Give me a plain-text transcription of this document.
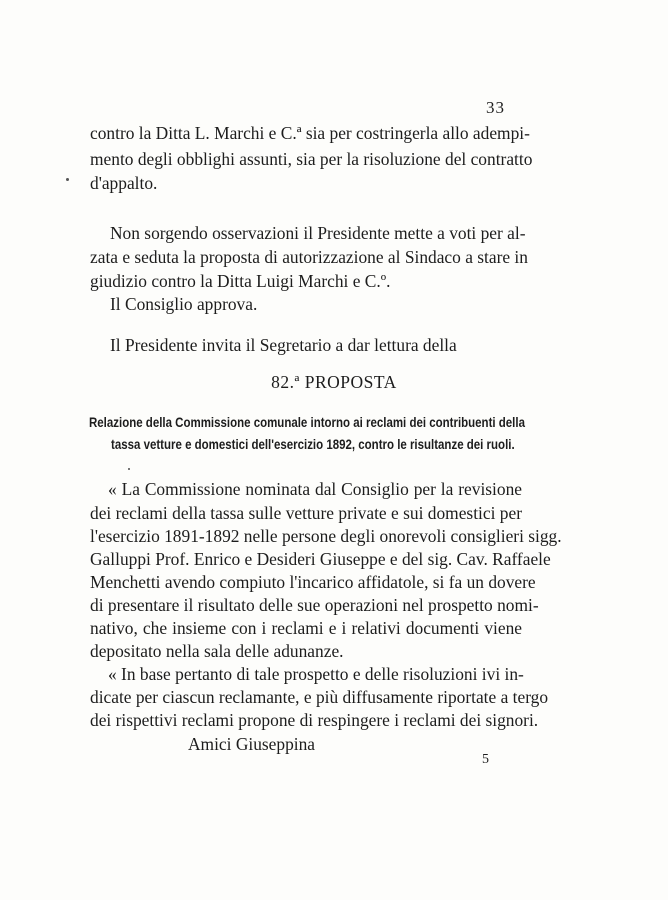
33
contro la Ditta L. Marchi e C.ª sia per costringerla allo adempi-
mento degli obblighi assunti, sia per la risoluzione del contratto
d'appalto.
Non sorgendo osservazioni il Presidente mette a voti per al-
zata e seduta la proposta di autorizzazione al Sindaco a stare in
giudizio contro la Ditta Luigi Marchi e C.º.
Il Consiglio approva.
Il Presidente invita il Segretario a dar lettura della
82.ª PROPOSTA
Relazione della Commissione comunale intorno ai reclami dei contribuenti della
tassa vetture e domestici dell'esercizio 1892, contro le risultanze dei ruoli.
« La Commissione nominata dal Consiglio per la revisione
dei reclami della tassa sulle vetture private e sui domestici per
l'esercizio 1891-1892 nelle persone degli onorevoli consiglieri sigg.
Galluppi Prof. Enrico e Desideri Giuseppe e del sig. Cav. Raffaele
Menchetti avendo compiuto l'incarico affidatole, si fa un dovere
di presentare il risultato delle sue operazioni nel prospetto nomi-
nativo, che insieme con i reclami e i relativi documenti viene
depositato nella sala delle adunanze.
« In base pertanto di tale prospetto e delle risoluzioni ivi in-
dicate per ciascun reclamante, e più diffusamente riportate a tergo
dei rispettivi reclami propone di respingere i reclami dei signori.
Amici Giuseppina
5
